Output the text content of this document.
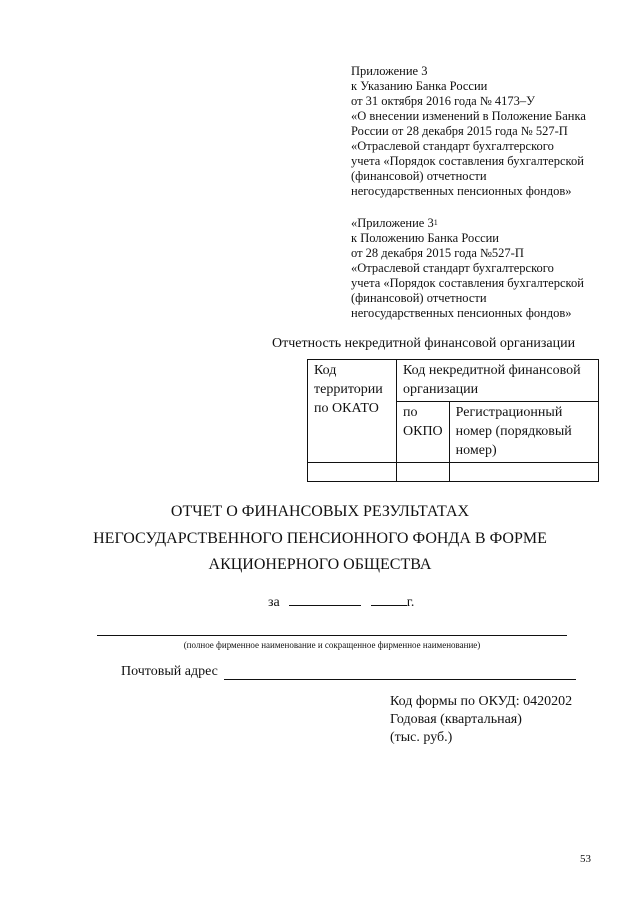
Приложение 3
к Указанию Банка России
от 31 октября 2016 года № 4173–У
«О внесении изменений в Положение Банка
России от 28 декабря 2015 года № 527-П
«Отраслевой стандарт бухгалтерского
учета «Порядок составления бухгалтерской
(финансовой) отчетности
негосударственных пенсионных фондов»
«Приложение $3^1$
к Положению Банка России
от 28 декабря 2015 года №527-П
«Отраслевой стандарт бухгалтерского
учета «Порядок составления бухгалтерской
(финансовой) отчетности
негосударственных пенсионных фондов»
Отчетность некредитной финансовой организации
Код территории по ОКАТО	Код некредитной финансовой организации	
	по ОКПО	Регистрационный номер (порядковый номер)

ОТЧЕТ О ФИНАНСОВЫХ РЕЗУЛЬТАТАХ
НЕГОСУДАРСТВЕННОГО ПЕНСИОННОГО ФОНДА В ФОРМЕ
АКЦИОНЕРНОГО ОБЩЕСТВА
за	г.
(полное фирменное наименование и сокращенное фирменное наименование)
Почтовый адрес
Код формы по ОКУД: 0420202
Годовая (квартальная)
(тыс. руб.)
53
